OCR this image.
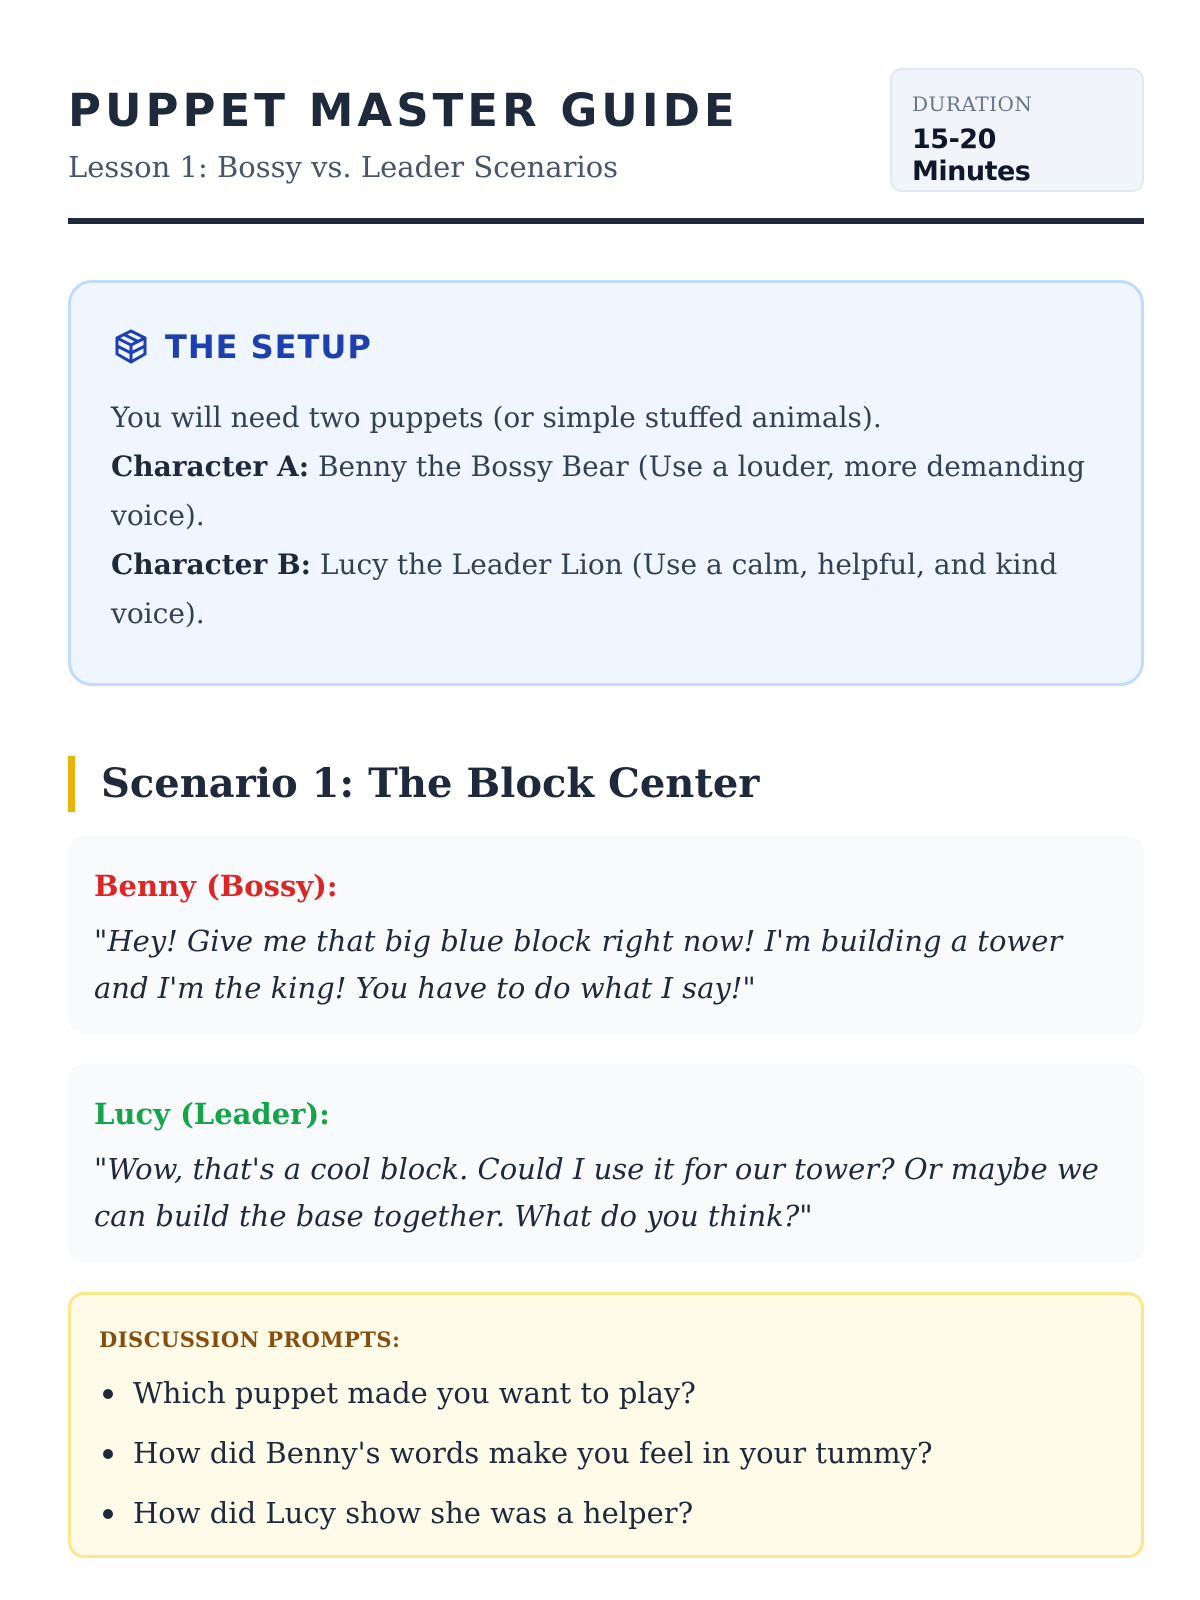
PUPPET MASTER GUIDE
Lesson 1: Bossy vs. Leader Scenarios
DURATION
15-20 Minutes
THE SETUP
You will need two puppets (or simple stuffed animals).
Character A: Benny the Bossy Bear (Use a louder, more demanding voice).
Character B: Lucy the Leader Lion (Use a calm, helpful, and kind voice).
Scenario 1: The Block Center
Benny (Bossy):
"Hey! Give me that big blue block right now! I'm building a tower and I'm the king! You have to do what I say!"
Lucy (Leader):
"Wow, that's a cool block. Could I use it for our tower? Or maybe we can build the base together. What do you think?"
DISCUSSION PROMPTS:
Which puppet made you want to play?
How did Benny's words make you feel in your tummy?
How did Lucy show she was a helper?
